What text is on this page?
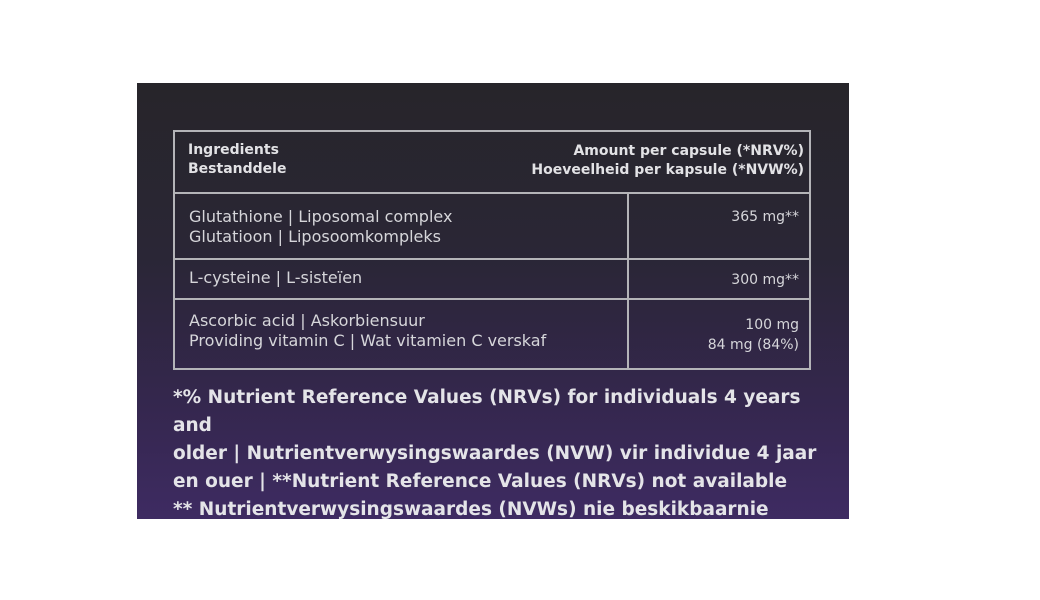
Ingredients
Bestanddele
Amount per capsule (*NRV%)
Hoeveelheid per kapsule (*NVW%)
Glutathione | Liposomal complex
Glutatioon | Liposoomkompleks
365 mg**
L-cysteine | L-sisteïen	300 mg**
Ascorbic acid | Askorbiensuur
Providing vitamin C | Wat vitamien C verskaf
100 mg
84 mg (84%)
*% Nutrient Reference Values (NRVs) for individuals 4 years and
older | Nutrientverwysingswaardes (NVW) vir individue 4 jaar
en ouer | **Nutrient Reference Values (NRVs) not available
** Nutrientverwysingswaardes (NVWs) nie beskikbaarnie
